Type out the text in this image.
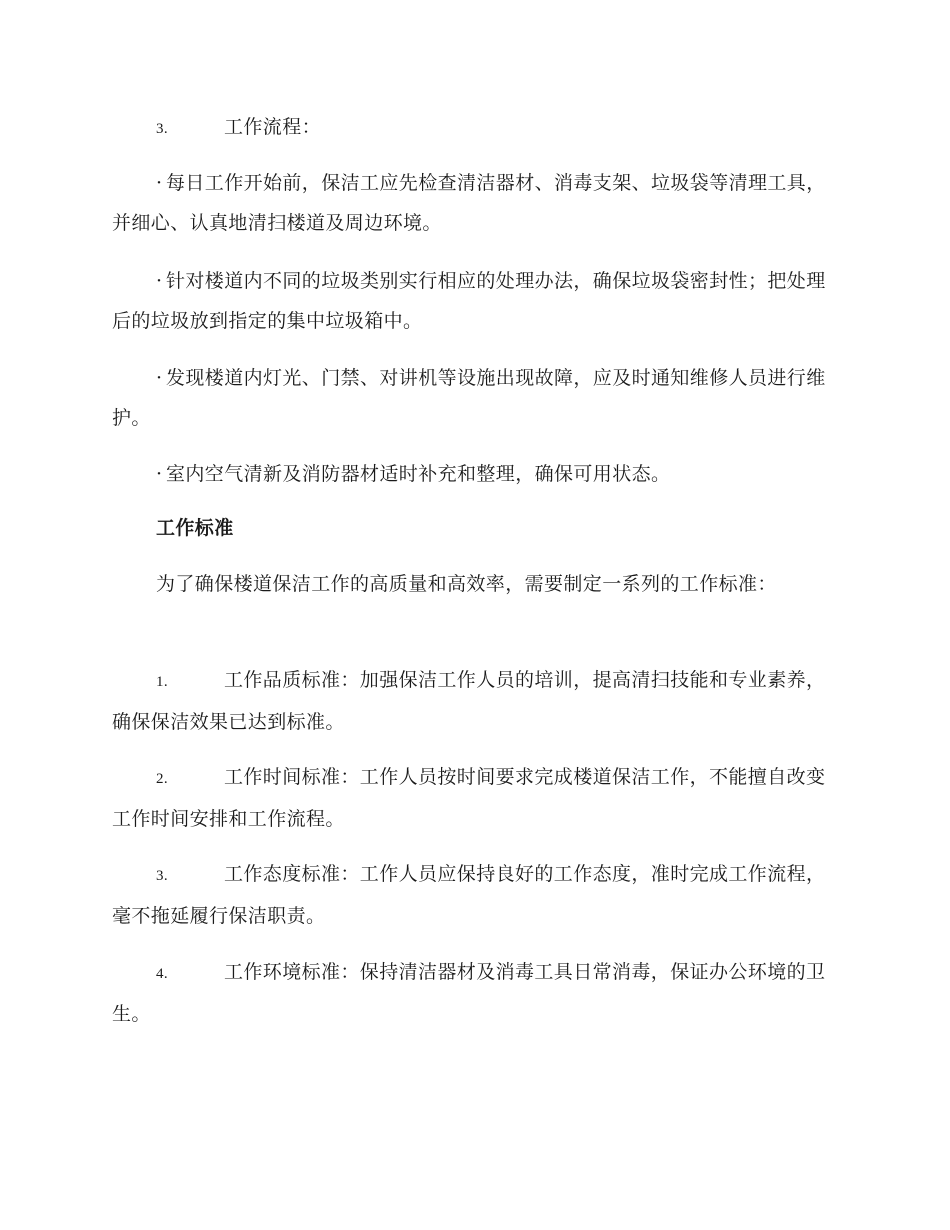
3.	工作流程：

· 每日工作开始前，保洁工应先检查清洁器材、消毒支架、垃圾袋等清理工具，并细心、认真地清扫楼道及周边环境。

· 针对楼道内不同的垃圾类别实行相应的处理办法，确保垃圾袋密封性；把处理后的垃圾放到指定的集中垃圾箱中。

· 发现楼道内灯光、门禁、对讲机等设施出现故障，应及时通知维修人员进行维护。

· 室内空气清新及消防器材适时补充和整理，确保可用状态。

工作标准

为了确保楼道保洁工作的高质量和高效率，需要制定一系列的工作标准：

1.	工作品质标准：加强保洁工作人员的培训，提高清扫技能和专业素养，确保保洁效果已达到标准。

2.	工作时间标准：工作人员按时间要求完成楼道保洁工作，不能擅自改变工作时间安排和工作流程。

3.	工作态度标准：工作人员应保持良好的工作态度，准时完成工作流程，毫不拖延履行保洁职责。

4.	工作环境标准：保持清洁器材及消毒工具日常消毒，保证办公环境的卫生。
